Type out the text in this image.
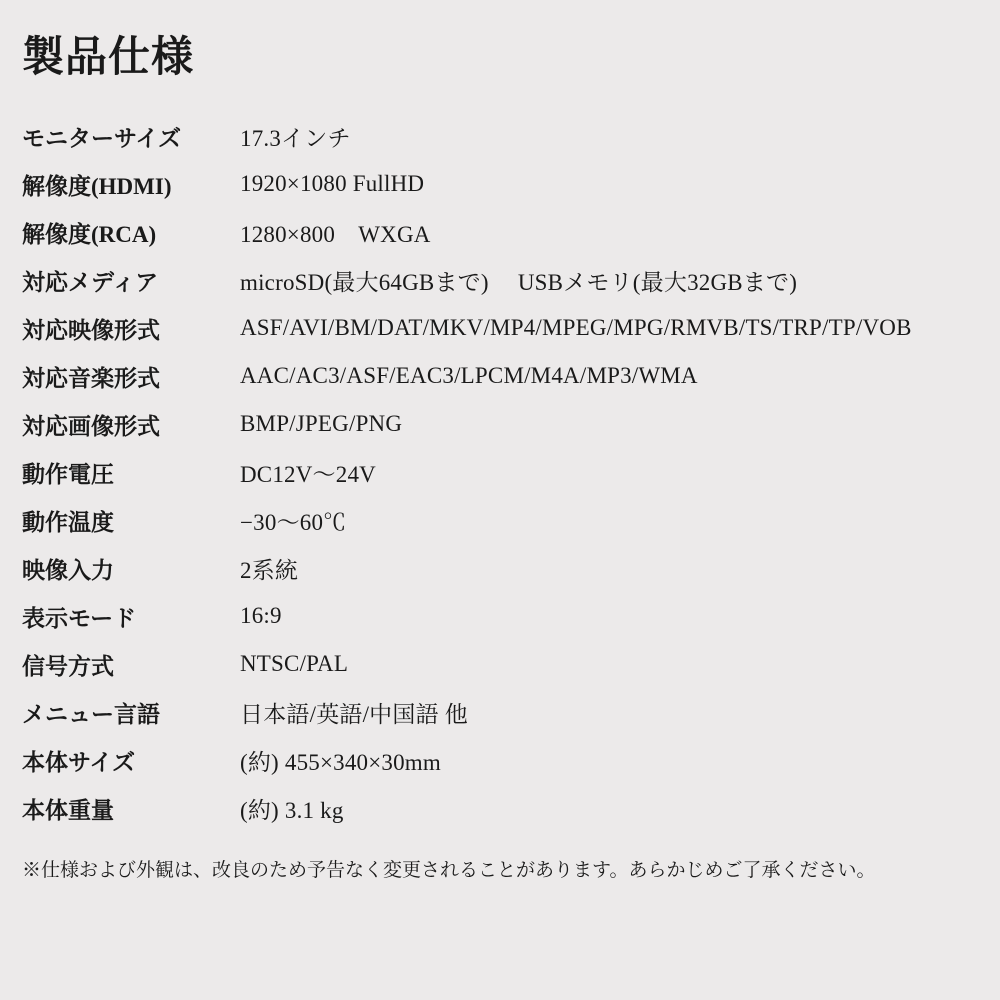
製品仕様
モニターサイズ	17.3インチ
解像度(HDMI)	1920×1080 FullHD
解像度(RCA)	1280×800　WXGA
対応メディア	microSD(最大64GBまで)　 USBメモリ(最大32GBまで)
対応映像形式	ASF/AVI/BM/DAT/MKV/MP4/MPEG/MPG/RMVB/TS/TRP/TP/VOB
対応音楽形式	AAC/AC3/ASF/EAC3/LPCM/M4A/MP3/WMA
対応画像形式	BMP/JPEG/PNG
動作電圧	DC12V〜24V
動作温度	−30〜60℃
映像入力	2系統
表示モード	16:9
信号方式	NTSC/PAL
メニュー言語	日本語/英語/中国語 他
本体サイズ	(約) 455×340×30mm
本体重量	(約) 3.1 kg
※仕様および外観は、改良のため予告なく変更されることがあります。あらかじめご了承ください。
